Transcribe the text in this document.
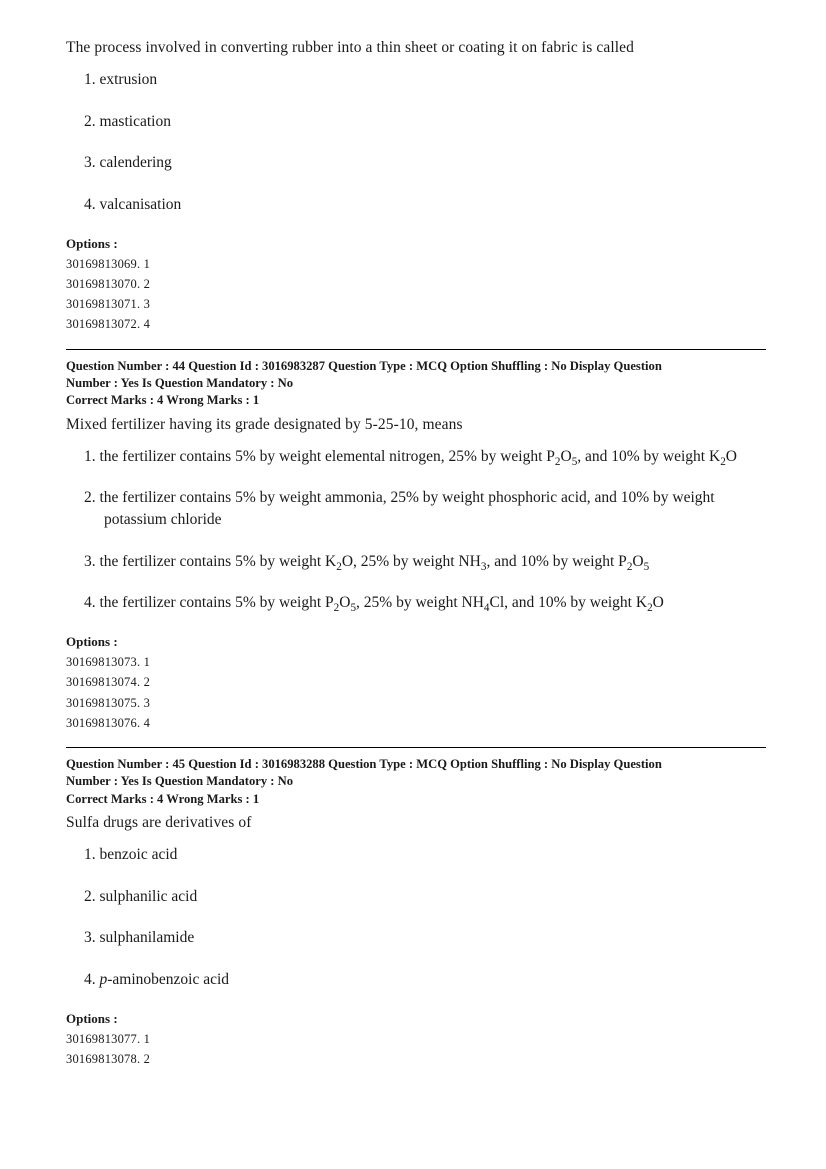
The process involved in converting rubber into a thin sheet or coating it on fabric is called

1. extrusion
2. mastication
3. calendering
4. valcanisation

Options :

30169813069. 1

30169813070. 2

30169813071. 3

30169813072. 4

Question Number : 44 Question Id : 3016983287 Question Type : MCQ Option Shuffling : No Display Question

Number : Yes Is Question Mandatory : No

Correct Marks : 4 Wrong Marks : 1

Mixed fertilizer having its grade designated by 5-25-10, means

1. the fertilizer contains 5% by weight elemental nitrogen, 25% by weight $P_2O_5$, and 10% by weight $K_2O$
2. the fertilizer contains 5% by weight ammonia, 25% by weight phosphoric acid, and 10% by weight potassium chloride
3. the fertilizer contains 5% by weight $K_2O$, 25% by weight $NH_3$, and 10% by weight $P_2O_5$
4. the fertilizer contains 5% by weight $P_2O_5$, 25% by weight $NH_4Cl$, and 10% by weight $K_2O$

Options :

30169813073. 1

30169813074. 2

30169813075. 3

30169813076. 4

Question Number : 45 Question Id : 3016983288 Question Type : MCQ Option Shuffling : No Display Question

Number : Yes Is Question Mandatory : No

Correct Marks : 4 Wrong Marks : 1

Sulfa drugs are derivatives of

1. benzoic acid
2. sulphanilic acid
3. sulphanilamide
4. p-aminobenzoic acid

Options :

30169813077. 1

30169813078. 2
